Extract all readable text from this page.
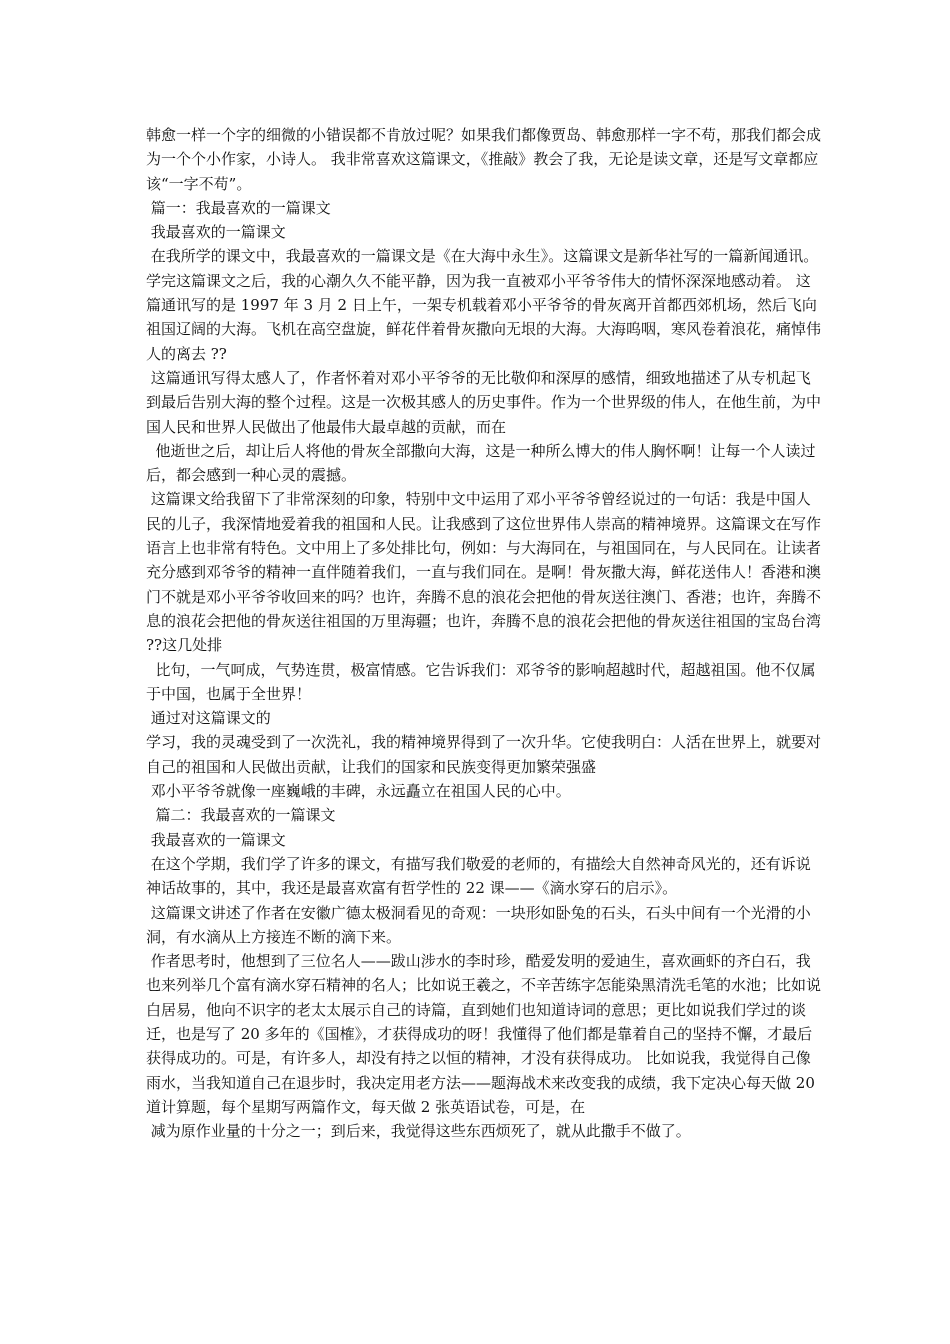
韩愈一样一个字的细微的小错误都不肯放过呢？如果我们都像贾岛、韩愈那样一字不苟，那我们都会成为一个个小作家，小诗人。 我非常喜欢这篇课文，《推敲》教会了我，无论是读文章，还是写文章都应该“一字不苟”。

篇一：我最喜欢的一篇课文

我最喜欢的一篇课文

在我所学的课文中，我最喜欢的一篇课文是《在大海中永生》。这篇课文是新华社写的一篇新闻通讯。学完这篇课文之后，我的心潮久久不能平静，因为我一直被邓小平爷爷伟大的情怀深深地感动着。 这篇通讯写的是 1997 年 3 月 2 日上午，一架专机载着邓小平爷爷的骨灰离开首都西郊机场，然后飞向祖国辽阔的大海。飞机在高空盘旋，鲜花伴着骨灰撒向无垠的大海。大海呜咽，寒风卷着浪花，痛悼伟人的离去 ??

这篇通讯写得太感人了，作者怀着对邓小平爷爷的无比敬仰和深厚的感情，细致地描述了从专机起飞到最后告别大海的整个过程。这是一次极其感人的历史事件。作为一个世界级的伟人，在他生前，为中国人民和世界人民做出了他最伟大最卓越的贡献，而在

他逝世之后，却让后人将他的骨灰全部撒向大海，这是一种所么博大的伟人胸怀啊！让每一个人读过后，都会感到一种心灵的震撼。

这篇课文给我留下了非常深刻的印象，特别中文中运用了邓小平爷爷曾经说过的一句话：我是中国人民的儿子，我深情地爱着我的祖国和人民。让我感到了这位世界伟人崇高的精神境界。这篇课文在写作语言上也非常有特色。文中用上了多处排比句，例如：与大海同在，与祖国同在，与人民同在。让读者充分感到邓爷爷的精神一直伴随着我们，一直与我们同在。是啊！骨灰撒大海，鲜花送伟人！香港和澳门不就是邓小平爷爷收回来的吗？也许，奔腾不息的浪花会把他的骨灰送往澳门、香港；也许，奔腾不息的浪花会把他的骨灰送往祖国的万里海疆；也许，奔腾不息的浪花会把他的骨灰送往祖国的宝岛台湾 ??这几处排

比句，一气呵成，气势连贯，极富情感。它告诉我们：邓爷爷的影响超越时代，超越祖国。他不仅属于中国，也属于全世界！

通过对这篇课文的

学习，我的灵魂受到了一次洗礼，我的精神境界得到了一次升华。它使我明白：人活在世界上，就要对自己的祖国和人民做出贡献，让我们的国家和民族变得更加繁荣强盛

邓小平爷爷就像一座巍峨的丰碑，永远矗立在祖国人民的心中。

篇二：我最喜欢的一篇课文

我最喜欢的一篇课文

在这个学期，我们学了许多的课文，有描写我们敬爱的老师的，有描绘大自然神奇风光的，还有诉说神话故事的，其中，我还是最喜欢富有哲学性的 22 课——《滴水穿石的启示》。

这篇课文讲述了作者在安徽广德太极洞看见的奇观：一块形如卧兔的石头，石头中间有一个光滑的小洞，有水滴从上方接连不断的滴下来。

作者思考时，他想到了三位名人——跋山涉水的李时珍，酷爱发明的爱迪生，喜欢画虾的齐白石，我也来列举几个富有滴水穿石精神的名人；比如说王羲之，不辛苦练字怎能染黑清洗毛笔的水池；比如说白居易，他向不识字的老太太展示自己的诗篇，直到她们也知道诗词的意思；更比如说我们学过的谈迁，也是写了 20 多年的《国榷》，才获得成功的呀！我懂得了他们都是靠着自己的坚持不懈，才最后获得成功的。可是，有许多人，却没有持之以恒的精神，才没有获得成功。 比如说我，我觉得自己像雨水，当我知道自己在退步时，我决定用老方法——题海战术来改变我的成绩，我下定决心每天做 20 道计算题，每个星期写两篇作文，每天做 2 张英语试卷，可是，在

减为原作业量的十分之一；到后来，我觉得这些东西烦死了，就从此撒手不做了。
